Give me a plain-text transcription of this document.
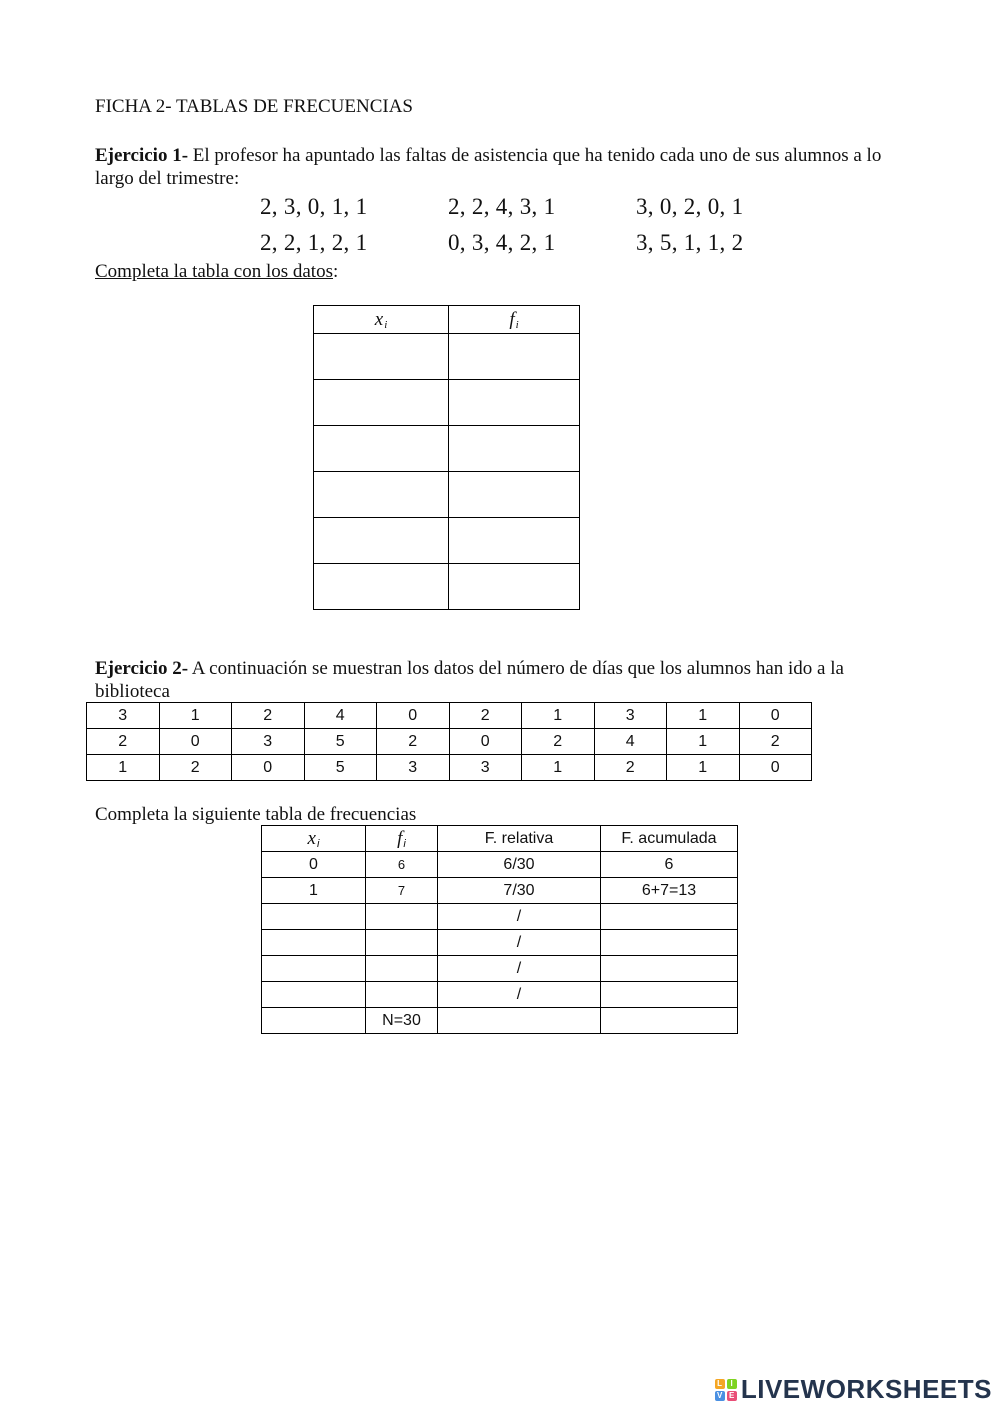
FICHA 2- TABLAS DE FRECUENCIAS
Ejercicio 1- El profesor ha apuntado las faltas de asistencia que ha tenido cada uno de sus alumnos a lo largo del trimestre:
2, 3, 0, 1, 1	2, 2, 4, 3, 1	3, 0, 2, 0, 1
2, 2, 1, 2, 1	0, 3, 4, 2, 1	3, 5, 1, 1, 2
Completa la tabla con los datos:
$x_i$	$f_i$

Ejercicio 2- A continuación se muestran los datos del número de días que los alumnos han ido a la biblioteca
3	1	2	4	0	2	1	3	1	0
2	0	3	5	2	0	2	4	1	2
1	2	0	5	3	3	1	2	1	0
Completa la siguiente tabla de frecuencias
$x_i$	$f_i$	F. relativa	F. acumulada
0	6	6/30	6
1	7	7/30	6+7=13
		/	
		/	
		/	
		/	
	N=30		
L I
V E LIVEWORKSHEETS
